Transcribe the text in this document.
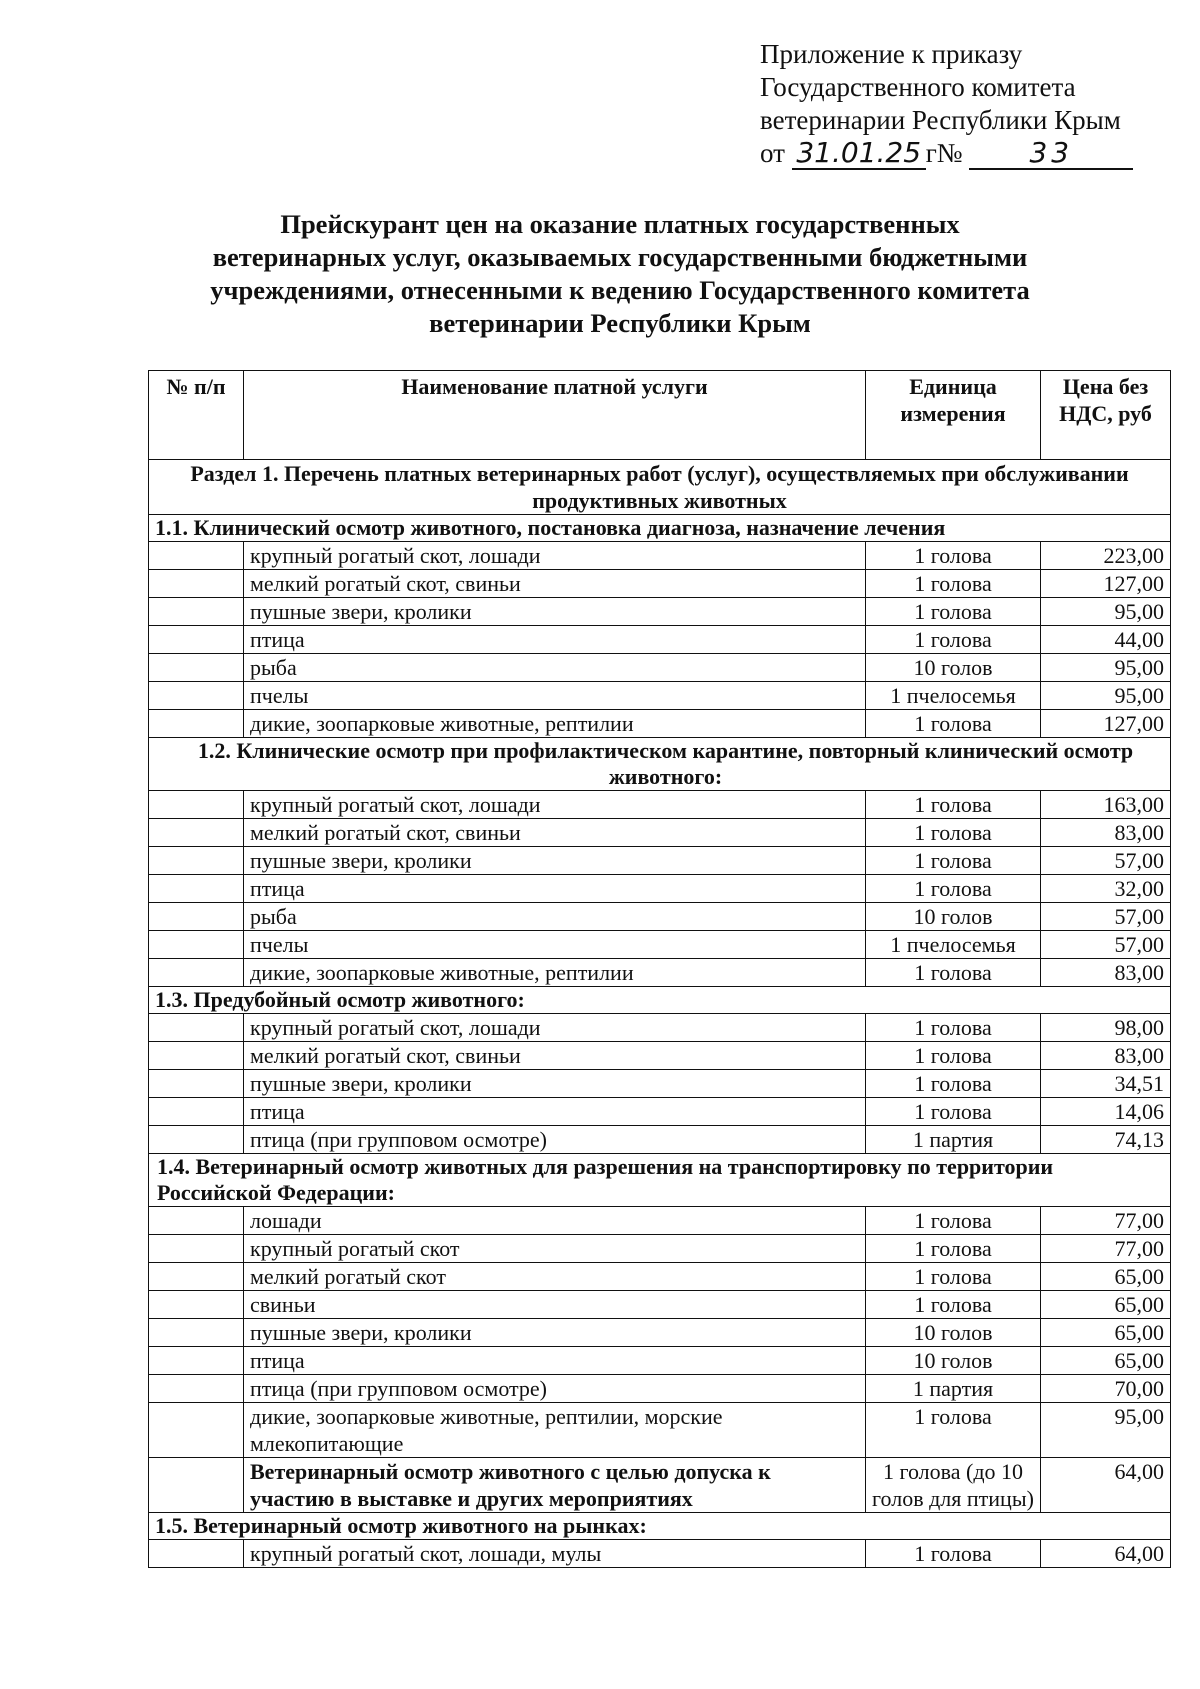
Приложение к приказу
Государственного комитета
ветеринарии Республики Крым
от 31.01.25 г№ 33
Прейскурант цен на оказание платных государственных
ветеринарных услуг, оказываемых государственными бюджетными
учреждениями, отнесенными к ведению Государственного комитета
ветеринарии Республики Крым
№ п/п	Наименование платной услуги	Единица измерения	Цена без НДС, руб
Раздел 1. Перечень платных ветеринарных работ (услуг), осуществляемых при обслуживании продуктивных животных			
1.1. Клинический осмотр животного, постановка диагноза, назначение лечения			
	крупный рогатый скот, лошади	1 голова	223,00
	мелкий рогатый скот, свиньи	1 голова	127,00
	пушные звери, кролики	1 голова	95,00
	птица	1 голова	44,00
	рыба	10 голов	95,00
	пчелы	1 пчелосемья	95,00
	дикие, зоопарковые животные, рептилии	1 голова	127,00
1.2. Клинические осмотр при профилактическом карантине, повторный клинический осмотр животного:			
	крупный рогатый скот, лошади	1 голова	163,00
	мелкий рогатый скот, свиньи	1 голова	83,00
	пушные звери, кролики	1 голова	57,00
	птица	1 голова	32,00
	рыба	10 голов	57,00
	пчелы	1 пчелосемья	57,00
	дикие, зоопарковые животные, рептилии	1 голова	83,00
1.3. Предубойный осмотр животного:			
	крупный рогатый скот, лошади	1 голова	98,00
	мелкий рогатый скот, свиньи	1 голова	83,00
	пушные звери, кролики	1 голова	34,51
	птица	1 голова	14,06
	птица (при групповом осмотре)	1 партия	74,13
1.4. Ветеринарный осмотр животных для разрешения на транспортировку по территории Российской Федерации:			
	лошади	1 голова	77,00
	крупный рогатый скот	1 голова	77,00
	мелкий рогатый скот	1 голова	65,00
	свиньи	1 голова	65,00
	пушные звери, кролики	10 голов	65,00
	птица	10 голов	65,00
	птица (при групповом осмотре)	1 партия	70,00
	дикие, зоопарковые животные, рептилии, морские млекопитающие	1 голова	95,00
	Ветеринарный осмотр животного с целью допуска к участию в выставке и других мероприятиях	1 голова (до 10 голов для птицы)	64,00
1.5. Ветеринарный осмотр животного на рынках:			
	крупный рогатый скот, лошади, мулы	1 голова	64,00
